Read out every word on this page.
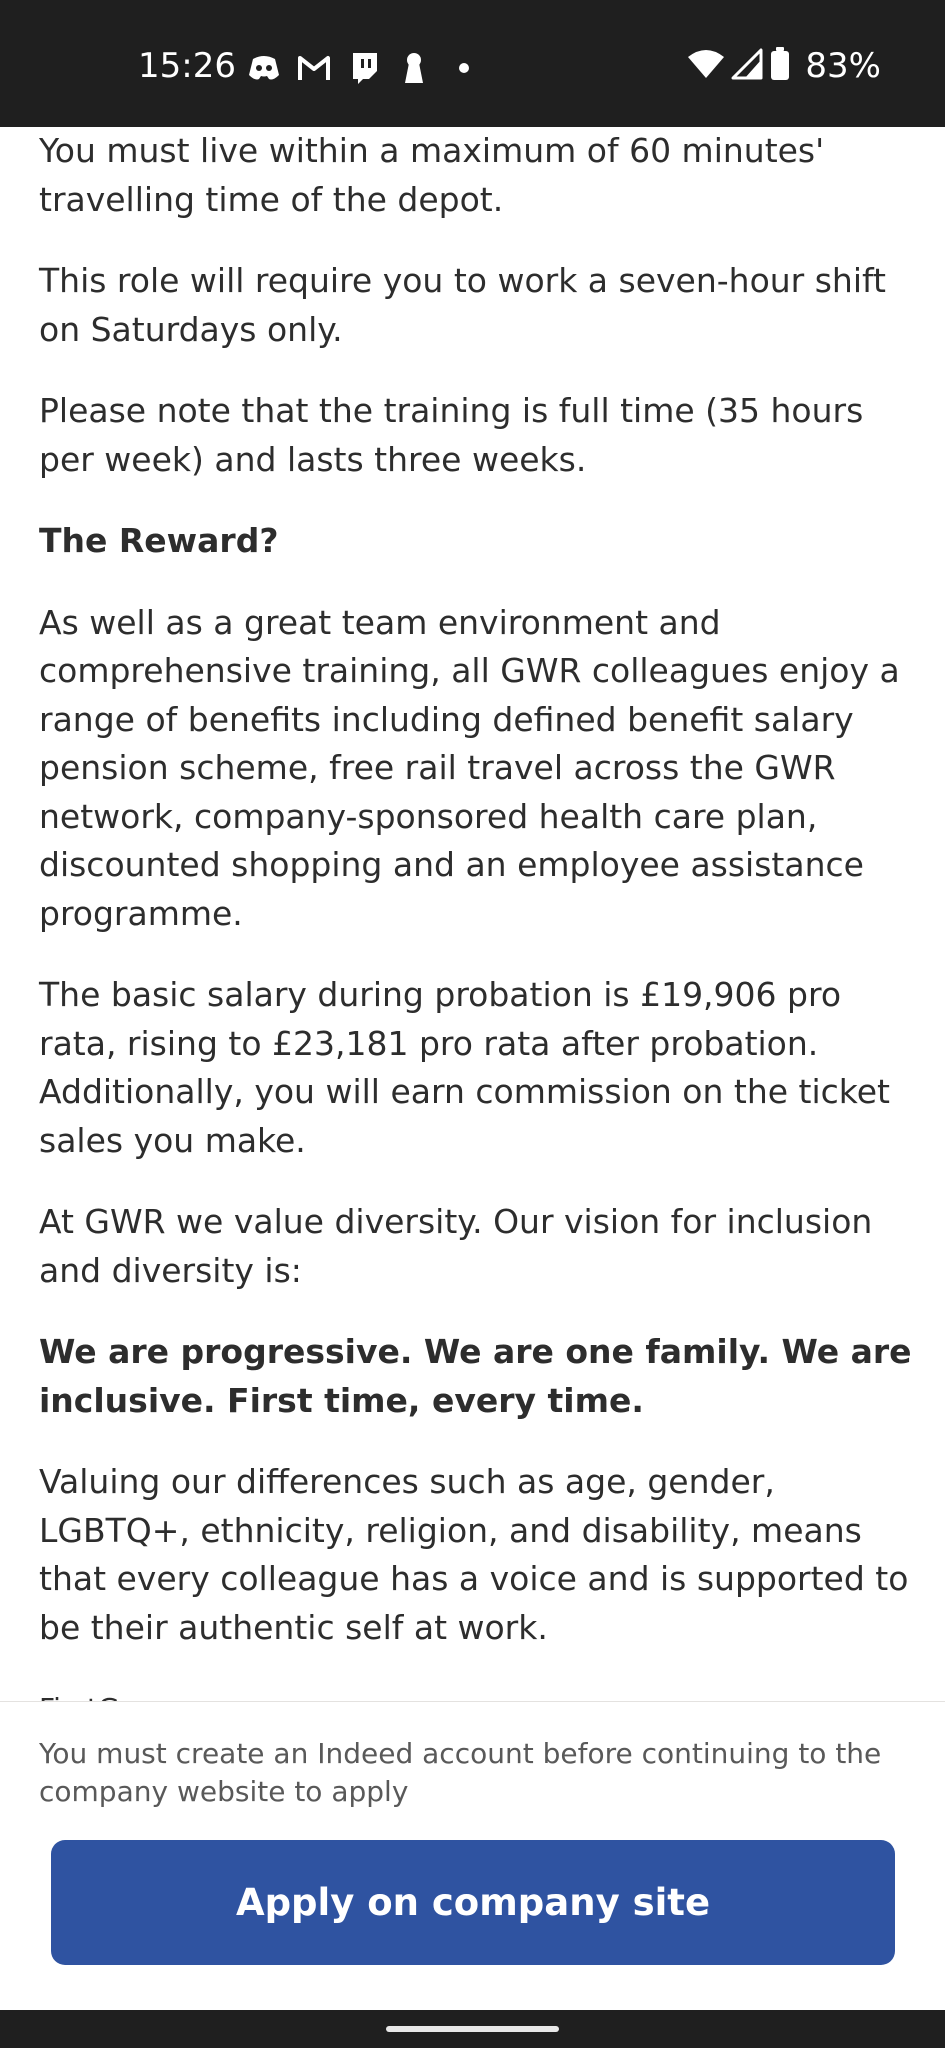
15:26	83%

You must live within a maximum of 60 minutes' travelling time of the depot.

This role will require you to work a seven-hour shift on Saturdays only.

Please note that the training is full time (35 hours per week) and lasts three weeks.

The Reward?

As well as a great team environment and comprehensive training, all GWR colleagues enjoy a range of benefits including defined benefit salary pension scheme, free rail travel across the GWR network, company-sponsored health care plan, discounted shopping and an employee assistance programme.

The basic salary during probation is £19,906 pro rata, rising to £23,181 pro rata after probation. Additionally, you will earn commission on the ticket sales you make.

At GWR we value diversity. Our vision for inclusion and diversity is:

We are progressive. We are one family. We are inclusive. First time, every time.

Valuing our differences such as age, gender, LGBTQ+, ethnicity, religion, and disability, means that every colleague has a voice and is supported to be their authentic self at work.

You must create an Indeed account before continuing to the company website to apply
Apply on company site
